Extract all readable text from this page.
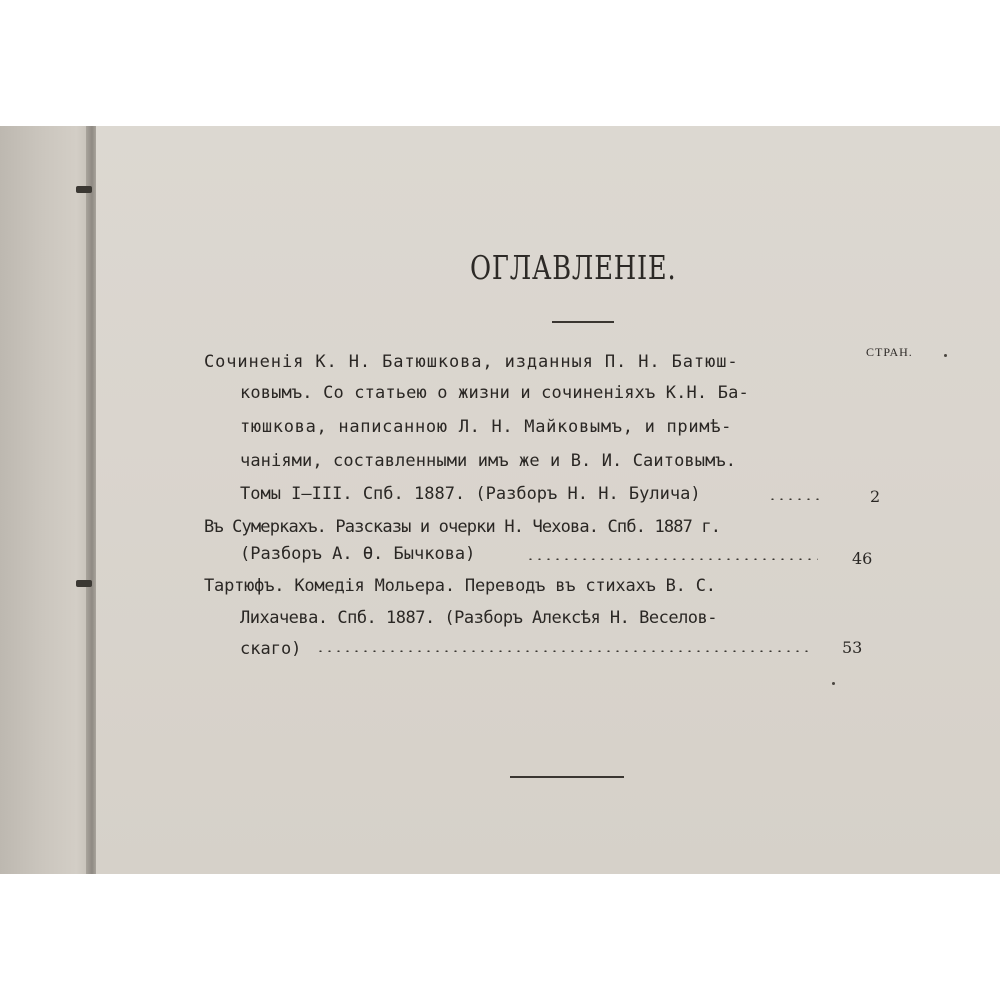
ОГЛАВЛЕНIЕ.
СТРАН.
Сочиненія К. Н. Батюшкова, изданныя П. Н. Батюш-
ковымъ. Со статьею о жизни и сочиненіяхъ К.Н. Ба-
тюшкова, написанною Л. Н. Майковымъ, и примѣ-
чаніями, составленными имъ же и В. И. Саитовымъ.
Томы I—III. Спб. 1887. (Разборъ Н. Н. Булича)	2
Въ Сумеркахъ. Разсказы и очерки Н. Чехова. Спб. 1887 г.
(Разборъ А. Ѳ. Бычкова)	46
Тартюфъ. Комедія Мольера. Переводъ въ стихахъ В. С.
Лихачева. Спб. 1887. (Разборъ Алексѣя Н. Веселов-
скаго)	53
